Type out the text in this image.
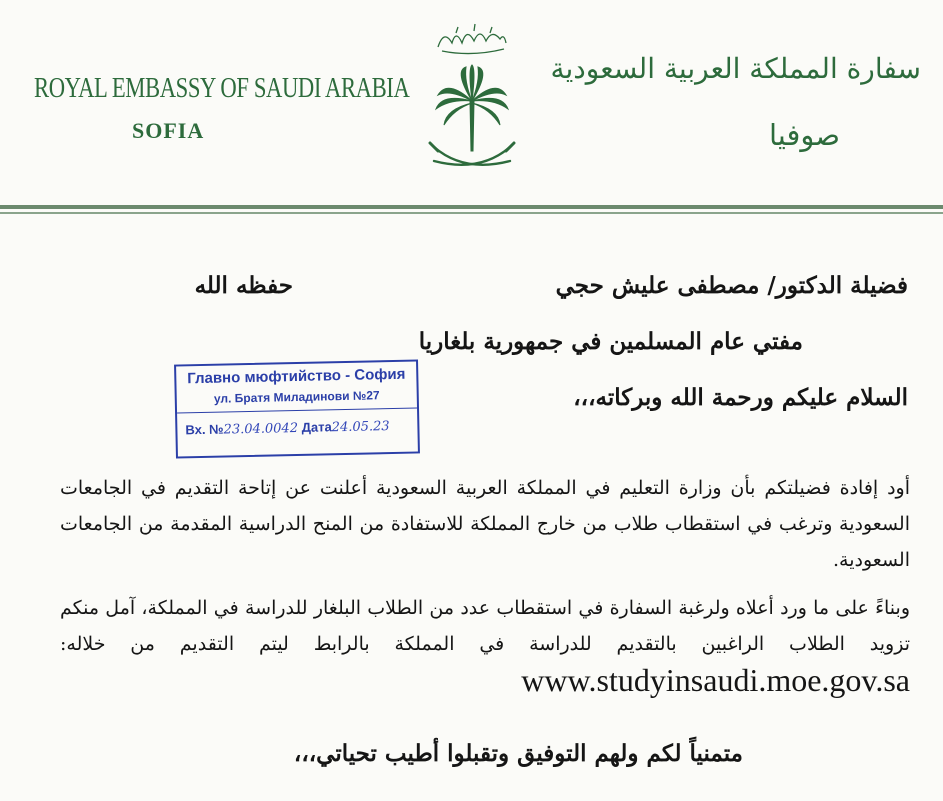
ROYAL EMBASSY OF SAUDI ARABIA
SOFIA
سفارة المملكة العربية السعودية
صوفيا
فضيلة الدكتور/ مصطفى عليش حجي
حفظه الله
مفتي عام المسلمين في جمهورية بلغاريا
السلام عليكم ورحمة الله وبركاته،،،
Главно мюфтийство - София
ул. Братя Миладинови №27
Вх. №23.04.0042 Дата24.05.23
أود إفادة فضيلتكم بأن وزارة التعليم في المملكة العربية السعودية أعلنت عن إتاحة التقديم في الجامعات السعودية وترغب في استقطاب طلاب من خارج المملكة للاستفادة من المنح الدراسية المقدمة من الجامعات السعودية.
وبناءً على ما ورد أعلاه ولرغبة السفارة في استقطاب عدد من الطلاب البلغار للدراسة في المملكة، آمل منكم تزويد الطلاب الراغبين بالتقديم للدراسة في المملكة بالرابط ليتم التقديم من خلاله: www.studyinsaudi.moe.gov.sa
متمنياً لكم ولهم التوفيق وتقبلوا أطيب تحياتي،،،
